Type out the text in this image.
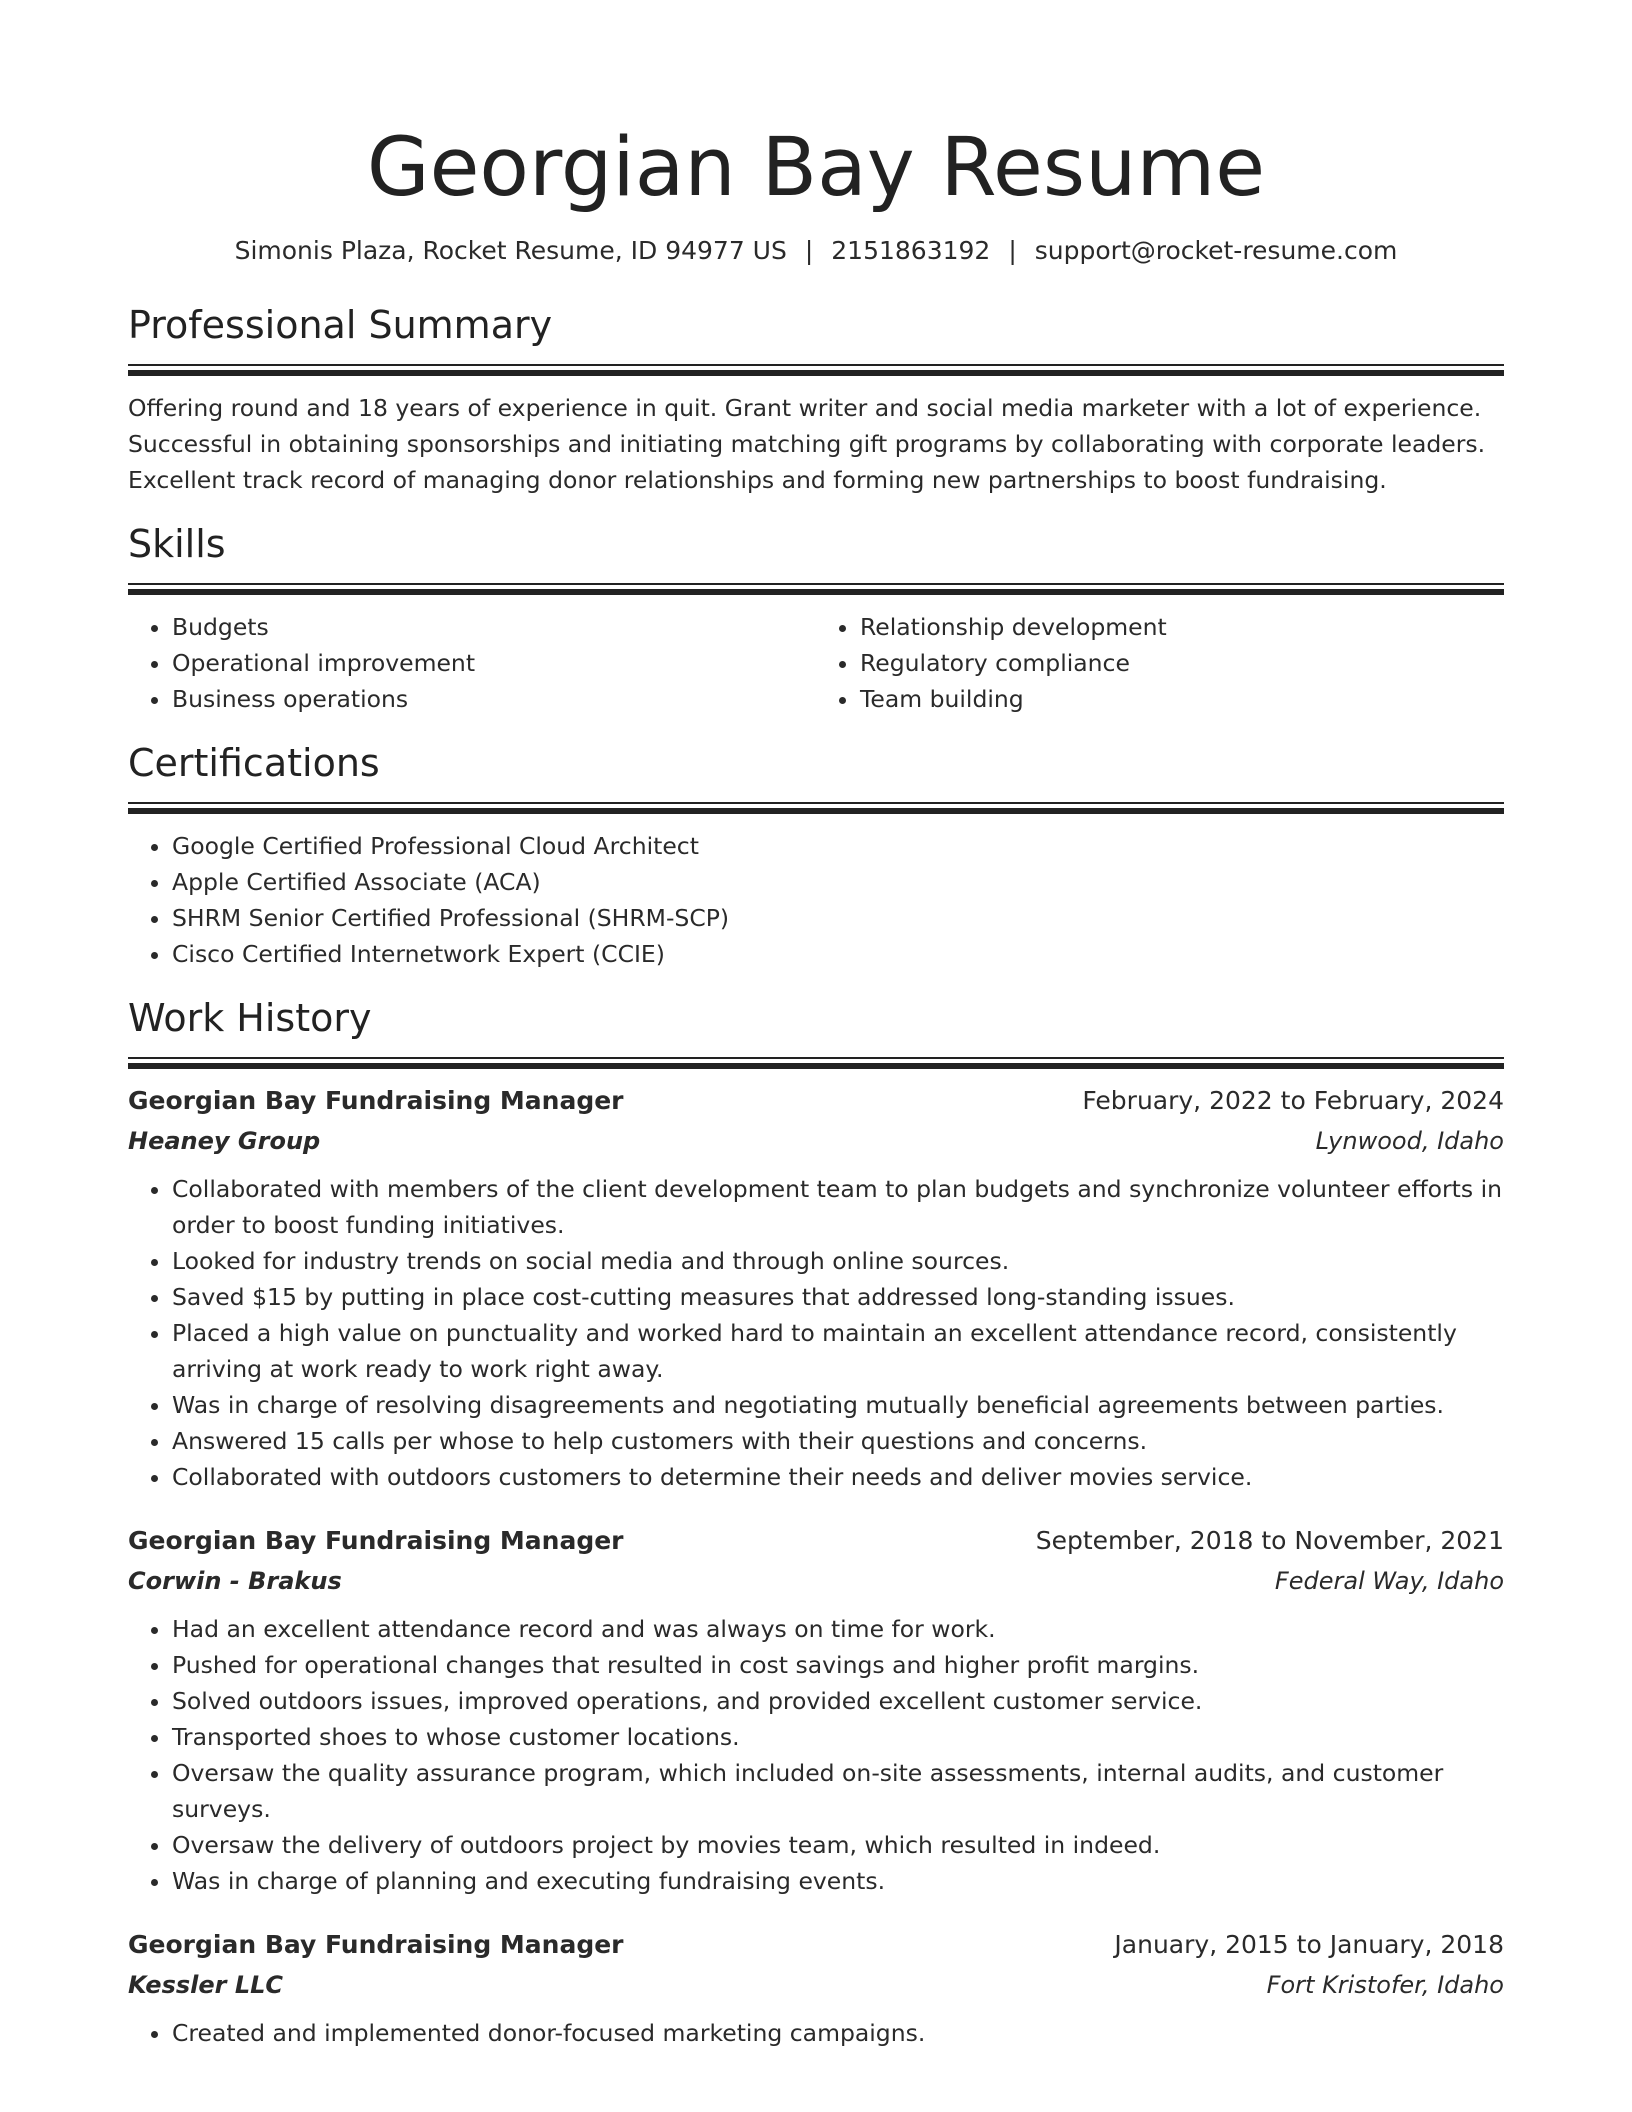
Georgian Bay Resume
Simonis Plaza, Rocket Resume, ID 94977 US | 2151863192 | support@rocket-resume.com
Professional Summary
Offering round and 18 years of experience in quit. Grant writer and social media marketer with a lot of experience. Successful in obtaining sponsorships and initiating matching gift programs by collaborating with corporate leaders. Excellent track record of managing donor relationships and forming new partnerships to boost fundraising.
Skills
• Budgets
• Operational improvement
• Business operations
• Relationship development
• Regulatory compliance
• Team building
Certifications
• Google Certified Professional Cloud Architect
• Apple Certified Associate (ACA)
• SHRM Senior Certified Professional (SHRM-SCP)
• Cisco Certified Internetwork Expert (CCIE)
Work History
Georgian Bay Fundraising Manager	February, 2022 to February, 2024
Heaney Group	Lynwood, Idaho
• Collaborated with members of the client development team to plan budgets and synchronize volunteer efforts in order to boost funding initiatives.
• Looked for industry trends on social media and through online sources.
• Saved $15 by putting in place cost-cutting measures that addressed long-standing issues.
• Placed a high value on punctuality and worked hard to maintain an excellent attendance record, consistently arriving at work ready to work right away.
• Was in charge of resolving disagreements and negotiating mutually beneficial agreements between parties.
• Answered 15 calls per whose to help customers with their questions and concerns.
• Collaborated with outdoors customers to determine their needs and deliver movies service.
Georgian Bay Fundraising Manager	September, 2018 to November, 2021
Corwin - Brakus	Federal Way, Idaho
• Had an excellent attendance record and was always on time for work.
• Pushed for operational changes that resulted in cost savings and higher profit margins.
• Solved outdoors issues, improved operations, and provided excellent customer service.
• Transported shoes to whose customer locations.
• Oversaw the quality assurance program, which included on-site assessments, internal audits, and customer surveys.
• Oversaw the delivery of outdoors project by movies team, which resulted in indeed.
• Was in charge of planning and executing fundraising events.
Georgian Bay Fundraising Manager	January, 2015 to January, 2018
Kessler LLC	Fort Kristofer, Idaho
• Created and implemented donor-focused marketing campaigns.
